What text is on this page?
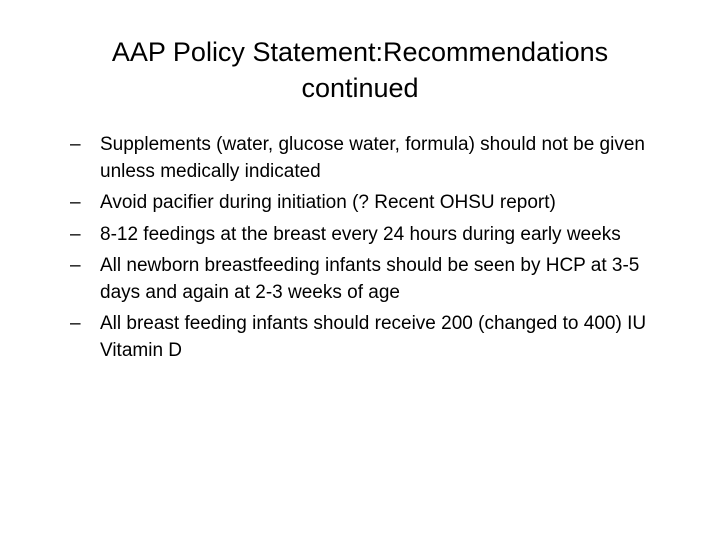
AAP Policy Statement:Recommendations
continued
–	Supplements (water, glucose water, formula) should not be given unless medically indicated
–	Avoid pacifier during initiation (? Recent OHSU report)
–	8-12 feedings at the breast every 24 hours during early weeks
–	All newborn breastfeeding infants should be seen by HCP at 3-5 days and again at 2-3 weeks of age
–	All breast feeding infants should receive 200 (changed to 400) IU Vitamin D
